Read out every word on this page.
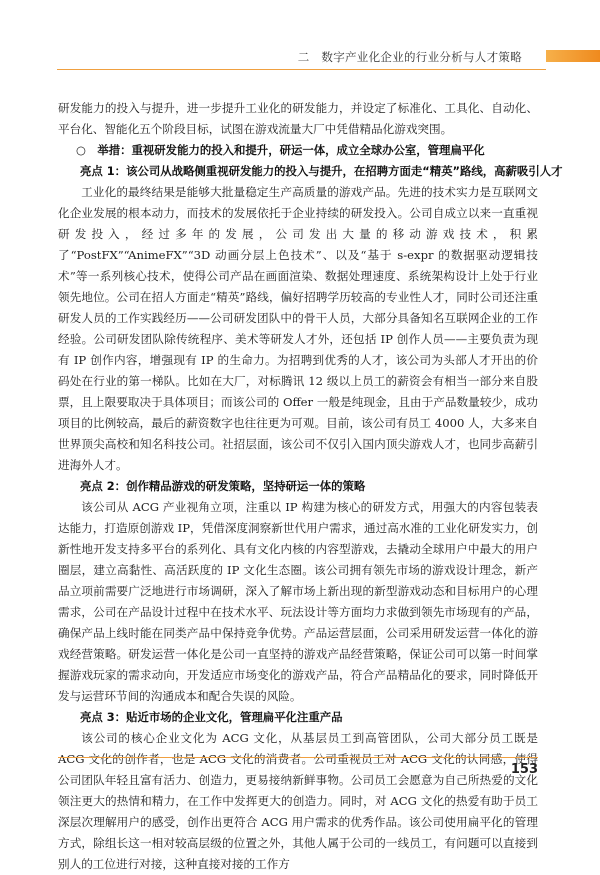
二　数字产业化企业的行业分析与人才策略

研发能力的投入与提升，进一步提升工业化的研发能力，并设定了标准化、工具化、自动化、平台化、智能化五个阶段目标，试图在游戏流量大厂中凭借精品化游戏突围。

○　举措：重视研发能力的投入和提升，研运一体，成立全球办公室，管理扁平化

亮点 1：该公司从战略侧重视研发能力的投入与提升，在招聘方面走“精英”路线，高薪吸引人才

工业化的最终结果是能够大批量稳定生产高质量的游戏产品。先进的技术实力是互联网文化企业发展的根本动力，而技术的发展依托于企业持续的研发投入。公司自成立以来一直重视研发投入，经过多年的发展，公司发出大量的移动游戏技术，积累了“PostFX”“AnimeFX”“3D 动画分层上色技术”、以及“基于 s-expr 的数据驱动逻辑技术”等一系列核心技术，使得公司产品在画面渲染、数据处理速度、系统架构设计上处于行业领先地位。公司在招人方面走“精英”路线，偏好招聘学历较高的专业性人才，同时公司还注重研发人员的工作实践经历——公司研发团队中的骨干人员，大部分具备知名互联网企业的工作经验。公司研发团队除传统程序、美术等研发人才外，还包括 IP 创作人员——主要负责为现有 IP 创作内容，增强现有 IP 的生命力。为招聘到优秀的人才，该公司为头部人才开出的价码处在行业的第一梯队。比如在大厂，对标腾讯 12 级以上员工的薪资会有相当一部分来自股票，且上限要取决于具体项目；而该公司的 Offer 一般是纯现金，且由于产品数量较少，成功项目的比例较高，最后的薪资数字也往往更为可观。目前，该公司有员工 4000 人，大多来自世界顶尖高校和知名科技公司。社招层面，该公司不仅引入国内顶尖游戏人才，也同步高薪引进海外人才。

亮点 2：创作精品游戏的研发策略，坚持研运一体的策略

该公司从 ACG 产业视角立项，注重以 IP 构建为核心的研发方式，用强大的内容包装表达能力，打造原创游戏 IP，凭借深度洞察新世代用户需求，通过高水准的工业化研发实力，创新性地开发支持多平台的系列化、具有文化内核的内容型游戏，去撬动全球用户中最大的用户圈层，建立高黏性、高活跃度的 IP 文化生态圈。该公司拥有领先市场的游戏设计理念，新产品立项前需要广泛地进行市场调研，深入了解市场上新出现的新型游戏动态和目标用户的心理需求，公司在产品设计过程中在技术水平、玩法设计等方面均力求做到领先市场现有的产品，确保产品上线时能在同类产品中保持竞争优势。产品运营层面，公司采用研发运营一体化的游戏经营策略。研发运营一体化是公司一直坚持的游戏产品经营策略，保证公司可以第一时间掌握游戏玩家的需求动向，开发适应市场变化的游戏产品，符合产品精品化的要求，同时降低开发与运营环节间的沟通成本和配合失误的风险。

亮点 3：贴近市场的企业文化，管理扁平化注重产品

该公司的核心企业文化为 ACG 文化，从基层员工到高管团队，公司大部分员工既是 ACG 文化的创作者，也是 ACG 文化的消费者。公司重视员工对 ACG 文化的认同感，使得公司团队年轻且富有活力、创造力，更易接纳新鲜事物。公司员工会愿意为自己所热爱的文化领注更大的热情和精力，在工作中发挥更大的创造力。同时，对 ACG 文化的热爱有助于员工深层次理解用户的感受，创作出更符合 ACG 用户需求的优秀作品。该公司使用扁平化的管理方式，除组长这一相对较高层级的位置之外，其他人属于公司的一线员工，有问题可以直接到别人的工位进行对接，这种直接对接的工作方

153
